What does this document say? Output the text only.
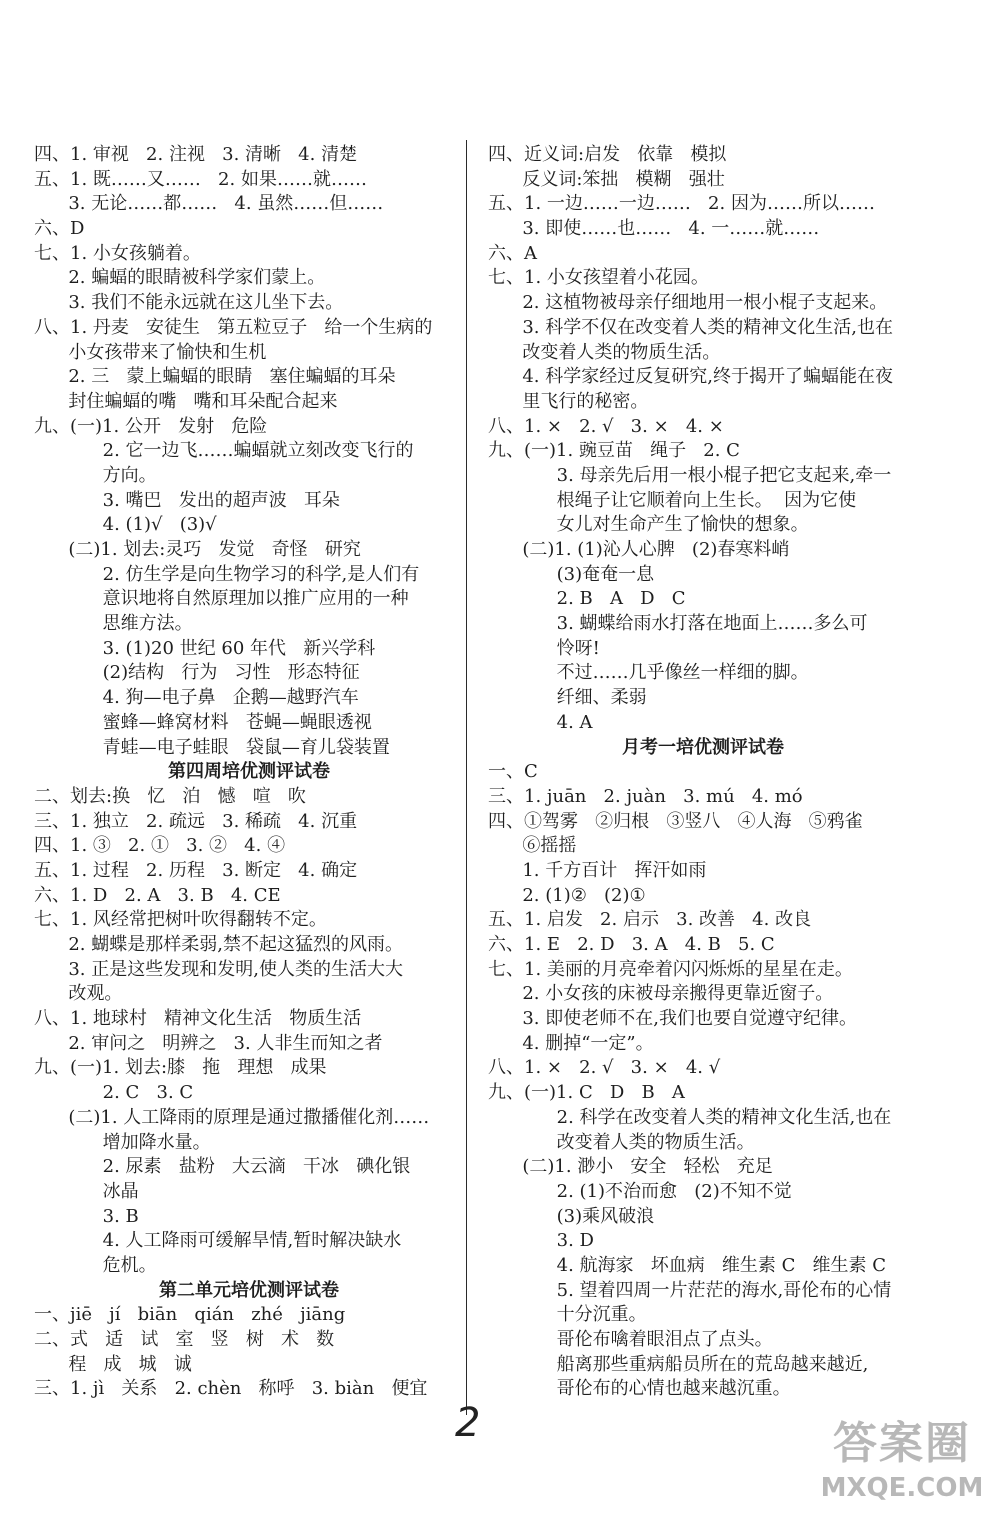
四、1. 审视   2. 注视   3. 清晰   4. 清楚
五、1. 既……又……   2. 如果……就……
3. 无论……都……   4. 虽然……但……
六、D
七、1. 小女孩躺着。
2. 蝙蝠的眼睛被科学家们蒙上。
3. 我们不能永远就在这儿坐下去。
八、1. 丹麦   安徒生   第五粒豆子   给一个生病的
小女孩带来了愉快和生机
2. 三   蒙上蝙蝠的眼睛   塞住蝙蝠的耳朵
封住蝙蝠的嘴   嘴和耳朵配合起来
九、(一)1. 公开   发射   危险
2. 它一边飞……蝙蝠就立刻改变飞行的
方向。
3. 嘴巴   发出的超声波   耳朵
4. (1)√   (3)√
(二)1. 划去:灵巧   发觉   奇怪   研究
2. 仿生学是向生物学习的科学,是人们有
意识地将自然原理加以推广应用的一种
思维方法。
3. (1)20 世纪 60 年代   新兴学科
(2)结构   行为   习性   形态特征
4. 狗—电子鼻   企鹅—越野汽车
蜜蜂—蜂窝材料   苍蝇—蝇眼透视
青蛙—电子蛙眼   袋鼠—育儿袋装置
第四周培优测评试卷
二、划去:换   忆   泊   憾   喧   吹
三、1. 独立   2. 疏远   3. 稀疏   4. 沉重
四、1. ③   2. ①   3. ②   4. ④
五、1. 过程   2. 历程   3. 断定   4. 确定
六、1. D   2. A   3. B   4. CE
七、1. 风经常把树叶吹得翻转不定。
2. 蝴蝶是那样柔弱,禁不起这猛烈的风雨。
3. 正是这些发现和发明,使人类的生活大大
改观。
八、1. 地球村   精神文化生活   物质生活
2. 审问之   明辨之   3. 人非生而知之者
九、(一)1. 划去:膝   拖   理想   成果
2. C   3. C
(二)1. 人工降雨的原理是通过撒播催化剂……
增加降水量。
2. 尿素   盐粉   大云滴   干冰   碘化银
冰晶
3. B
4. 人工降雨可缓解旱情,暂时解决缺水
危机。
第二单元培优测评试卷
一、jiē   jí   biān   qián   zhé   jiāng
二、式   适   试   室   竖   树   术   数
程   成   城   诚
三、1. jì   关系   2. chèn   称呼   3. biàn   便宜
四、近义词:启发   依靠   模拟
反义词:笨拙   模糊   强壮
五、1. 一边……一边……   2. 因为……所以……
3. 即使……也……   4. 一……就……
六、A
七、1. 小女孩望着小花园。
2. 这植物被母亲仔细地用一根小棍子支起来。
3. 科学不仅在改变着人类的精神文化生活,也在
改变着人类的物质生活。
4. 科学家经过反复研究,终于揭开了蝙蝠能在夜
里飞行的秘密。
八、1. ×   2. √   3. ×   4. ×
九、(一)1. 豌豆苗   绳子   2. C
3. 母亲先后用一根小棍子把它支起来,牵一
根绳子让它顺着向上生长。  因为它使
女儿对生命产生了愉快的想象。
(二)1. (1)沁人心脾   (2)春寒料峭
(3)奄奄一息
2. B   A   D   C
3. 蝴蝶给雨水打落在地面上……多么可
怜呀!
不过……几乎像丝一样细的脚。
纤细、柔弱
4. A
月考一培优测评试卷
一、C
三、1. juān   2. juàn   3. mú   4. mó
四、①驾雾   ②归根   ③竖八   ④人海   ⑤鸦雀
⑥摇摇
1. 千方百计   挥汗如雨
2. (1)②   (2)①
五、1. 启发   2. 启示   3. 改善   4. 改良
六、1. E   2. D   3. A   4. B   5. C
七、1. 美丽的月亮牵着闪闪烁烁的星星在走。
2. 小女孩的床被母亲搬得更靠近窗子。
3. 即使老师不在,我们也要自觉遵守纪律。
4. 删掉“一定”。
八、1. ×   2. √   3. ×   4. √
九、(一)1. C   D   B   A
2. 科学在改变着人类的精神文化生活,也在
改变着人类的物质生活。
(二)1. 渺小   安全   轻松   充足
2. (1)不治而愈   (2)不知不觉
(3)乘风破浪
3. D
4. 航海家   坏血病   维生素 C   维生素 C
5. 望着四周一片茫茫的海水,哥伦布的心情
十分沉重。
哥伦布噙着眼泪点了点头。
船离那些重病船员所在的荒岛越来越近,
哥伦布的心情也越来越沉重。
2	答案圈
MXQE.COM
